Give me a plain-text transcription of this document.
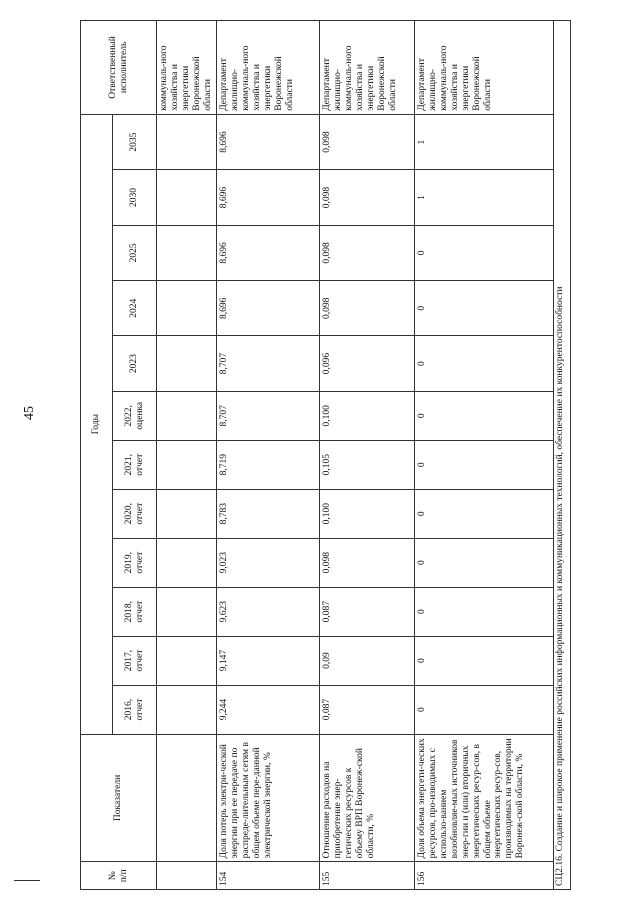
45
№
п/п	Показатели	Годы												Ответственный исполнитель
		2016, отчет	2017, отчет	2018, отчет	2019, отчет	2020, отчет	2021, отчет	2022, оценка	2023	2024	2025	2030	2035	
														коммуналь-ного хозяйства и энергетики Воронежской области
154	Доля потерь электри-ческой энергии при ее передаче по распреде-лительным сетям в общем объеме пере-данной электрической энергии, %	9,244	9,147	9,623	9,023	8,783	8,719	8,707	8,707	8,696	8,696	8,696	8,696	Департамент жилищно-коммуналь-ного хозяйства и энергетики Воронежской области
155	Отношение расходов на приобретение энер-гетических ресурсов к объему ВРП Воронеж-ской области, %	0,087	0,09	0,087	0,098	0,100	0,105	0,100	0,096	0,098	0,098	0,098	0,098	Департамент жилищно-коммуналь-ного хозяйства и энергетики Воронежской области
156	Доля объема энергети-ческих ресурсов, про-изводимых с использо-ванием возобновляе-мых источников энер-гии и (или) вторичных энергетических ресур-сов, в общем объеме энергетических ресур-сов, производимых на территории Воронеж-ской области, %	0	0	0	0	0	0	0	0	0	0	1	1	Департамент жилищно-коммуналь-ного хозяйства и энергетики Воронежской области
СЦ2.16. Создание и широкое применение российских информационных и коммуникационных технологий, обеспечение их конкурентоспособности														
